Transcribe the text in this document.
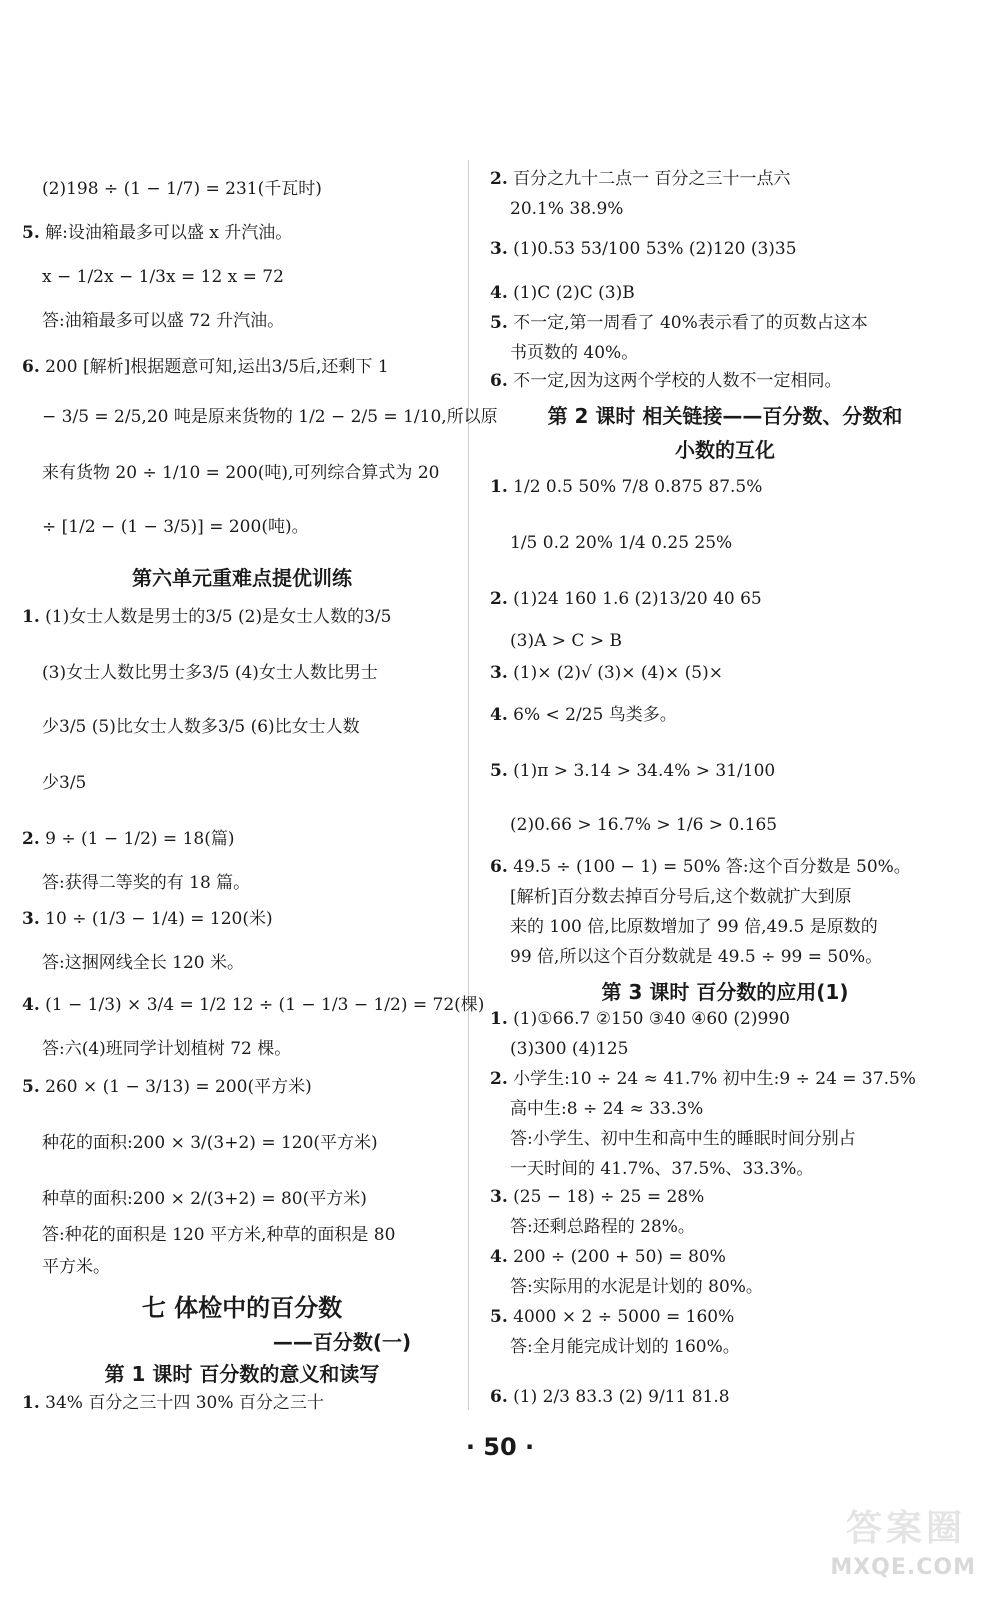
(2)198 ÷ (1 − 1/7) = 231(千瓦时)
5. 解:设油箱最多可以盛 x 升汽油。
x − 1/2x − 1/3x = 12 x = 72
答:油箱最多可以盛 72 升汽油。
6. 200 [解析]根据题意可知,运出3/5后,还剩下 1
− 3/5 = 2/5,20 吨是原来货物的 1/2 − 2/5 = 1/10,所以原
来有货物 20 ÷ 1/10 = 200(吨),可列综合算式为 20
÷ [1/2 − (1 − 3/5)] = 200(吨)。
1. (1)女士人数是男士的3/5 (2)是女士人数的3/5
(3)女士人数比男士多3/5 (4)女士人数比男士
少3/5 (5)比女士人数多3/5 (6)比女士人数
少3/5
2. 9 ÷ (1 − 1/2) = 18(篇)
答:获得二等奖的有 18 篇。
3. 10 ÷ (1/3 − 1/4) = 120(米)
答:这捆网线全长 120 米。
4. (1 − 1/3) × 3/4 = 1/2 12 ÷ (1 − 1/3 − 1/2) = 72(棵)
答:六(4)班同学计划植树 72 棵。
5. 260 × (1 − 3/13) = 200(平方米)
种花的面积:200 × 3/(3+2) = 120(平方米)
种草的面积:200 × 2/(3+2) = 80(平方米)
答:种花的面积是 120 平方米,种草的面积是 80
平方米。
1. 34% 百分之三十四 30% 百分之三十
第六单元重难点提优训练
七 体检中的百分数
——百分数(一)
第 1 课时 百分数的意义和读写
2. 百分之九十二点一 百分之三十一点六
20.1% 38.9%
3. (1)0.53 53/100 53% (2)120 (3)35
4. (1)C (2)C (3)B
5. 不一定,第一周看了 40%表示看了的页数占这本
书页数的 40%。
6. 不一定,因为这两个学校的人数不一定相同。
1. 1/2 0.5 50% 7/8 0.875 87.5%
1/5 0.2 20% 1/4 0.25 25%
2. (1)24 160 1.6 (2)13/20 40 65
(3)A > C > B
3. (1)× (2)√ (3)× (4)× (5)×
4. 6% < 2/25 鸟类多。
5. (1)π > 3.14 > 34.4% > 31/100
(2)0.66 > 16.7% > 1/6 > 0.165
6. 49.5 ÷ (100 − 1) = 50% 答:这个百分数是 50%。
[解析]百分数去掉百分号后,这个数就扩大到原
来的 100 倍,比原数增加了 99 倍,49.5 是原数的
99 倍,所以这个百分数就是 49.5 ÷ 99 = 50%。
1. (1)①66.7 ②150 ③40 ④60 (2)990
(3)300 (4)125
2. 小学生:10 ÷ 24 ≈ 41.7% 初中生:9 ÷ 24 = 37.5%
高中生:8 ÷ 24 ≈ 33.3%
答:小学生、初中生和高中生的睡眠时间分别占
一天时间的 41.7%、37.5%、33.3%。
3. (25 − 18) ÷ 25 = 28%
答:还剩总路程的 28%。
4. 200 ÷ (200 + 50) = 80%
答:实际用的水泥是计划的 80%。
5. 4000 × 2 ÷ 5000 = 160%
答:全月能完成计划的 160%。
6. (1) 2/3 83.3 (2) 9/11 81.8
第 2 课时 相关链接——百分数、分数和
小数的互化
第 3 课时 百分数的应用(1)
· 50 ·
答案圈
MXQE.COM
